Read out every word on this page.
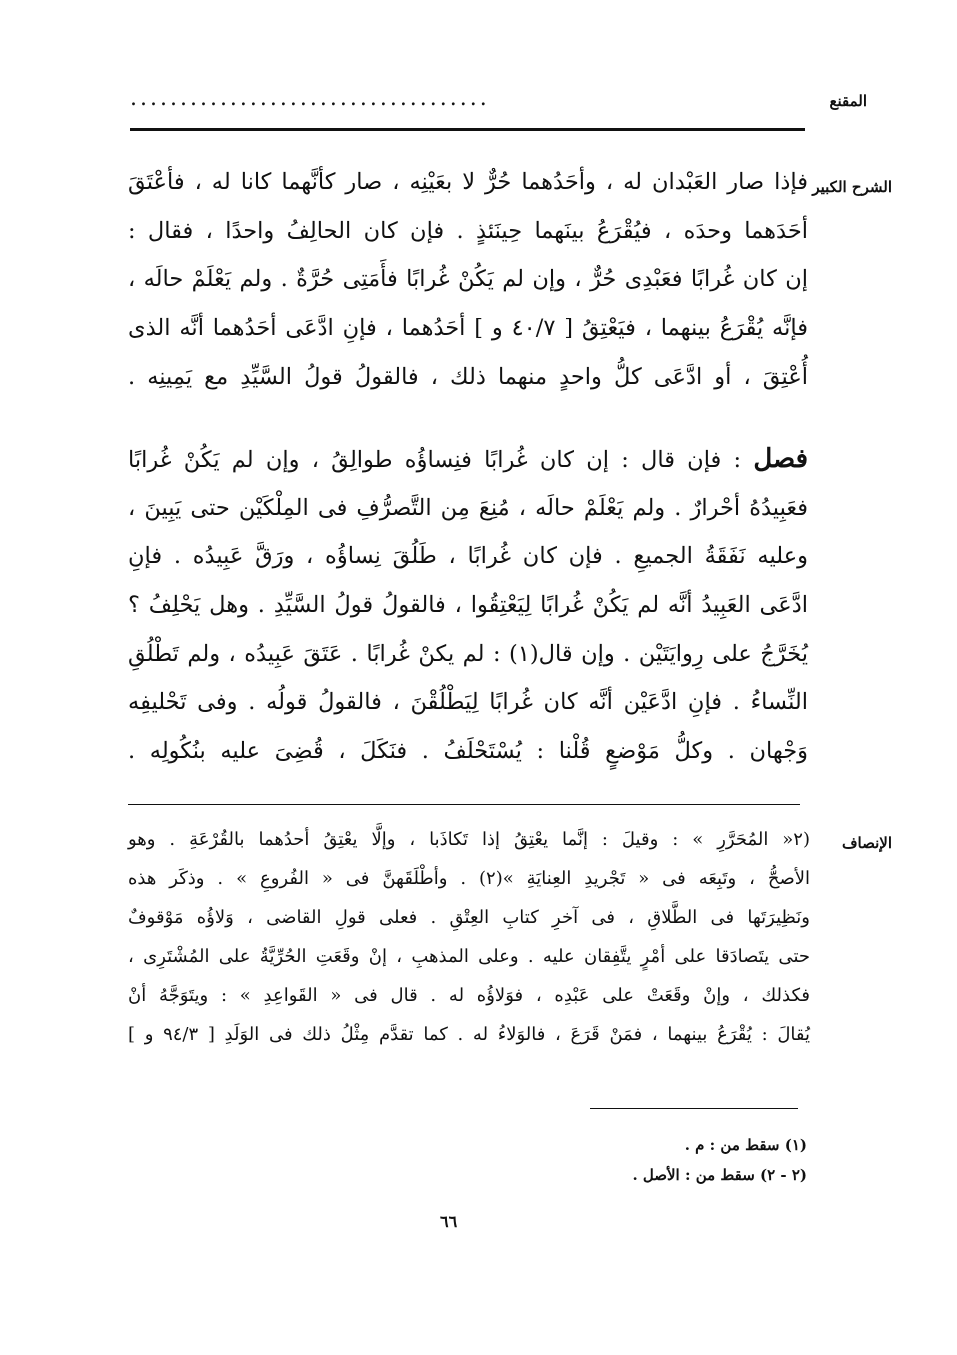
المقنع
....................................
الشرح الكبير
فإذا صار العَبْدان له ، وأحَدُهما حُرٌّ لا بعَيْنِه ، صار كأنَّهما كانا له ، فأعْتَقَ
أحَدَهما وحدَه ، فيُقْرَعُ بينَهما حِينَئذٍ . فإن كان الحالِفُ واحدًا ، فقال :
إن كان غُرابًا فعَبْدِى حُرٌّ ، وإن لم يَكُنْ غُرابًا فأَمَتِى حُرَّةٌ . ولم يَعْلَمْ حالَه ،
فإنَّه يُقْرَعُ بينهما ، فيَعْتِقُ [ ٤٠/٧ و ] أحَدُهما ، فإنِ ادَّعَى أحَدُهما أنَّه الذى
أُعْتِقَ ، أو ادَّعَى كلُّ واحدٍ منهما ذلك ، فالقولُ قولُ السَّيِّدِ مع يَمِينِه .
فصل : فإن قال : إن كان غُرابًا فنِساؤُه طوالِقُ ، وإن لم يَكُنْ غُرابًا
فعَبِيدُهُ أحْرارٌ . ولم يَعْلَمْ حالَه ، مُنِعَ مِن التَّصرُّفِ فى المِلْكَيْن حتى يَبِينَ ،
وعليه نَفَقَةُ الجميعِ . فإن كان غُرابًا ، طَلُقَ نِساؤُه ، ورَقَّ عَبِيدُه . فإنِ
ادَّعَى العَبِيدُ أنَّه لم يَكُنْ غُرابًا لِيَعْتِقُوا ، فالقولُ قولُ السَّيِّدِ . وهل يَحْلِفُ ؟
يُخَرَّجُ على رِوايَتَيْن . وإن قال(١) : لم يكنْ غُرابًا . عَتَقَ عَبِيدُه ، ولم تَطْلُقِ
النِّساءُ . فإنِ ادَّعَيْن أنَّه كان غُرابًا لِيَطْلُقْنَ ، فالقولُ قولُه . وفى تَحْليفِه
وَجْهان . وكلُّ مَوْضعٍ قُلْنا : يُسْتَحْلَفُ . فنَكَلَ ، قُضِىَ عليه بنُكُولِه .
الإنصاف
(٢« المُحَرَّرِ » : وقيلَ : إنَّما يعْتِقُ إذا تَكاذَبا ، وإلَّا يعْتِقُ أحدُهما بالقُرْعَةِ . وهو
الأصحُّ ، وتَبِعَه فى « تَجْريدِ العِنايَةِ »(٢) . وأطْلَقَهنَّ فى « الفُروعِ » . وذكَر هذه
ونَظِيرَتَها فى الطَّلاقِ ، فى آخرِ كتابِ العِتْقِ . فعلى قولِ القاضى ، وَلاؤُه مَوْقوفٌ
حتى يتَصادَقا على أمْرٍ يتَّفِقان عليه . وعلى المذهبِ ، إنْ وقَعَتِ الحُرِّيَّةُ على المُشْتَرِى ،
فكذلك ، وإنْ وقَعَتْ على عَبْدِه ، فوَلاؤُه له . قال فى « القَواعِدِ » : ويتَوَجَّهُ أنْ
يُقالَ : يُقْرَعُ بينهما ، فمَنْ قَرَعَ ، فالوَلاءُ له . كما تقدَّم مِثْلُ ذلك فى الوَلَدِ [ ٩٤/٣ و ]
(١) سقط من : م .
(٢ - ٢) سقط من : الأصل .
٦٦
